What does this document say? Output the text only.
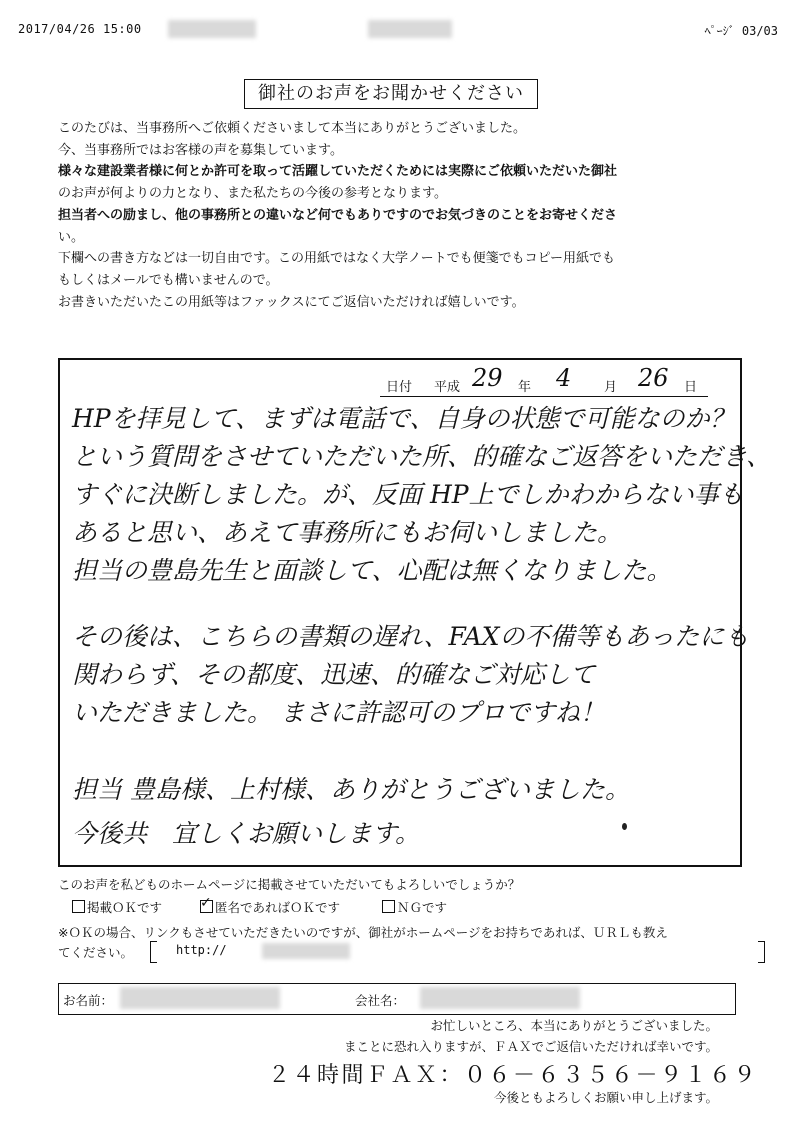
2017/04/26 15:00	ﾍﾟｰｼﾞ 03/03
御社のお声をお聞かせください

このたびは、当事務所へご依頼くださいまして本当にありがとうございました。

今、当事務所ではお客様の声を募集しています。

様々な建設業者様に何とか許可を取って活躍していただくためには実際にご依頼いただいた御社

のお声が何よりの力となり、また私たちの今後の参考となります。

担当者への励まし、他の事務所との違いなど何でもありですのでお気づきのことをお寄せくださ

い。

下欄への書き方などは一切自由です。この用紙ではなく大学ノートでも便箋でもコピー用紙でも

もしくはメールでも構いませんので。

お書きいただいたこの用紙等はファックスにてご返信いただければ嬉しいです。

日付 平成 29 年 4	月 26 日
HPを拝見して、まずは電話で、自身の状態で可能なのか？
という質問をさせていただいた所、的確なご返答をいただき、
すぐに決断しました。が、反面 HP上でしかわからない事も
あると思い、あえて事務所にもお伺いしました。
担当の豊島先生と面談して、心配は無くなりました。
その後は、こちらの書類の遅れ、FAXの不備等もあったにも
関わらず、その都度、迅速、的確なご対応して
いただきました。 まさに許認可のプロですね！
担当 豊島様、上村様、ありがとうございました。
今後共　宜しくお願いします。
このお声を私どものホームページに掲載させていただいてもよろしいでしょうか？
掲載ＯＫです
✓	匿名であればＯＫです	ＮＧです
※ＯＫの場合、リンクもさせていただきたいのですが、御社がホームページをお持ちであれば、ＵＲＬも教え
てください。	http://
お名前：	会社名：
お忙しいところ、本当にありがとうございました。
まことに恐れ入りますが、ＦＡＸでご返信いただければ幸いです。
２４時間ＦＡＸ：０６－６３５６－９１６９
今後ともよろしくお願い申し上げます。
